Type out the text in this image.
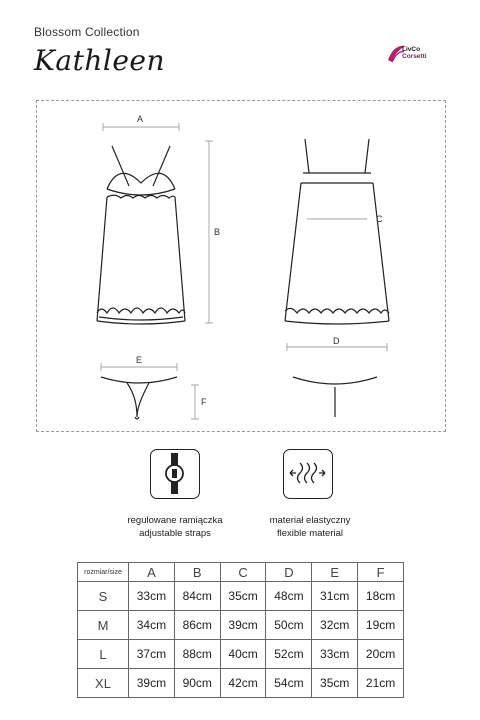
Blossom Collection
Kathleen	LivCo
Corsetti
A
B
C
D
E
F
regulowane ramiączka
adjustable straps
materiał elastyczny
flexible material
rozmiar/size	A	B	C	D	E	F
S	33cm	84cm	35cm	48cm	31cm	18cm
M	34cm	86cm	39cm	50cm	32cm	19cm
L	37cm	88cm	40cm	52cm	33cm	20cm
XL	39cm	90cm	42cm	54cm	35cm	21cm
